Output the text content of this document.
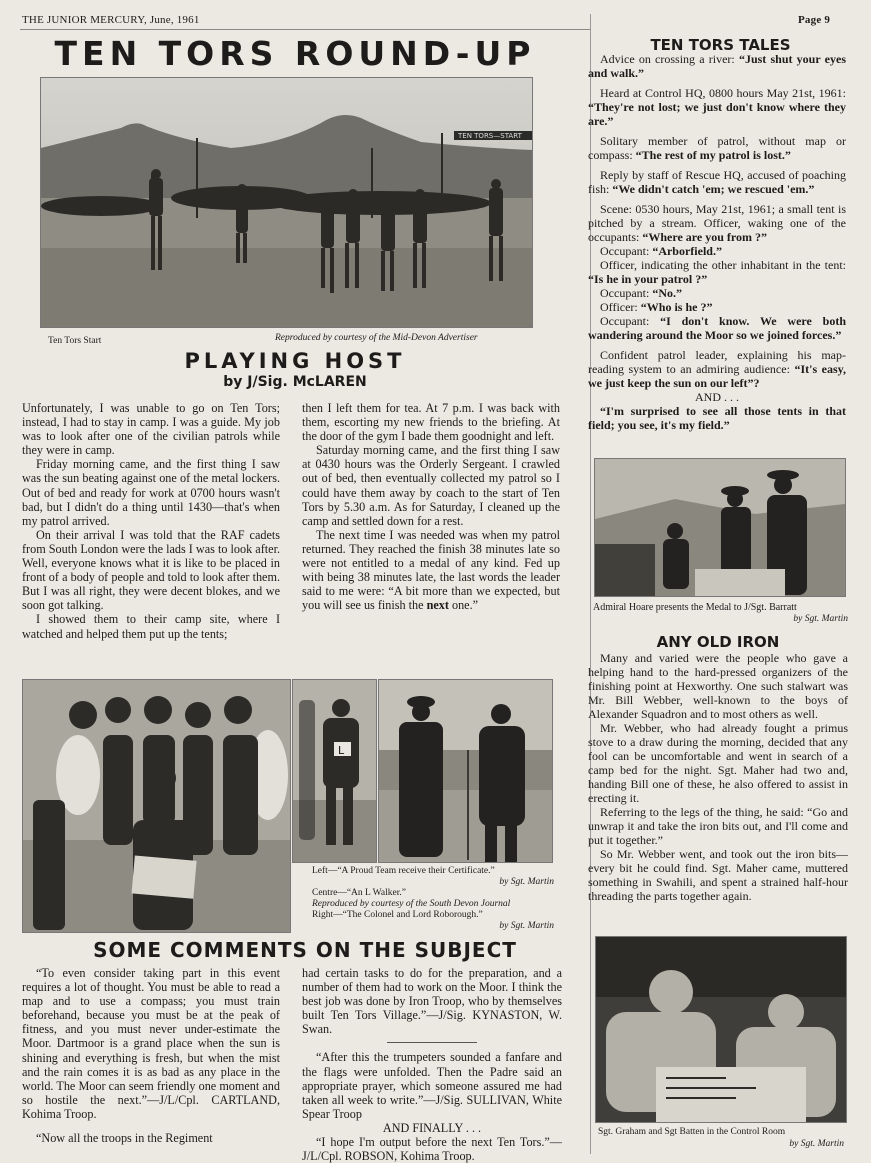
THE JUNIOR MERCURY, June, 1961	Page 9
TEN TORS ROUND-UP
TEN TORS—START
Ten Tors Start	Reproduced by courtesy of the Mid-Devon Advertiser
PLAYING HOST
by J/Sig. McLAREN

Unfortunately, I was unable to go on Ten Tors; instead, I had to stay in camp. I was a guide. My job was to look after one of the civilian patrols while they were in camp.

Friday morning came, and the first thing I saw was the sun beating against one of the metal lockers. Out of bed and ready for work at 0700 hours wasn't bad, but I didn't do a thing until 1430—that's when my patrol arrived.

On their arrival I was told that the RAF cadets from South London were the lads I was to look after. Well, everyone knows what it is like to be placed in front of a body of people and told to look after them. But I was all right, they were decent blokes, and we soon got talking.

I showed them to their camp site, where I watched and helped them put up the tents;

then I left them for tea. At 7 p.m. I was back with them, escorting my new friends to the briefing. At the door of the gym I bade them goodnight and left.

Saturday morning came, and the first thing I saw at 0430 hours was the Orderly Sergeant. I crawled out of bed, then eventually collected my patrol so I could have them away by coach to the start of Ten Tors by 5.30 a.m. As for Saturday, I cleaned up the camp and settled down for a rest.

The next time I was needed was when my patrol returned. They reached the finish 38 minutes late so were not entitled to a medal of any kind. Fed up with being 38 minutes late, the last words the leader said to me were: “A bit more than we expected, but you will see us finish the next one.”

L
Left—“A Proud Team receive their Certificate.”
by Sgt. Martin
Centre—“An L Walker.”
Reproduced by courtesy of the South Devon Journal
Right—“The Colonel and Lord Roborough.”
by Sgt. Martin
SOME COMMENTS ON THE SUBJECT

“To even consider taking part in this event requires a lot of thought. You must be able to read a map and to use a compass; you must train beforehand, because you must be at the peak of fitness, and you must never under-estimate the Moor. Dartmoor is a grand place when the sun is shining and everything is fresh, but when the mist and the rain comes it is as bad as any place in the world. The Moor can seem friendly one moment and so hostile the next.”—J/L/Cpl. CARTLAND, Kohima Troop.

“Now all the troops in the Regiment

had certain tasks to do for the preparation, and a number of them had to work on the Moor. I think the best job was done by Iron Troop, who by themselves built Ten Tors Village.”—J/Sig. KYNASTON, W. Swan.

“After this the trumpeters sounded a fanfare and the flags were unfolded. Then the Padre said an appropriate prayer, which someone assured me had taken all week to write.”—J/Sig. SULLIVAN, White Spear Troop

AND FINALLY . . .

“I hope I'm output before the next Ten Tors.”—J/L/Cpl. ROBSON, Kohima Troop.

TEN TORS TALES

Advice on crossing a river: “Just shut your eyes and walk.”

Heard at Control HQ, 0800 hours May 21st, 1961: “They're not lost; we just don't know where they are.”

Solitary member of patrol, without map or compass: “The rest of my patrol is lost.”

Reply by staff of Rescue HQ, accused of poaching fish: “We didn't catch 'em; we rescued 'em.”

Scene: 0530 hours, May 21st, 1961; a small tent is pitched by a stream. Officer, waking one of the occupants: “Where are you from ?”

Occupant: “Arborfield.”

Officer, indicating the other inhabitant in the tent: “Is he in your patrol ?”

Occupant: “No.”

Officer: “Who is he ?”

Occupant: “I don't know. We were both wandering around the Moor so we joined forces.”

Confident patrol leader, explaining his map-reading system to an admiring audience: “It's easy, we just keep the sun on our left”?

AND . . .

“I'm surprised to see all those tents in that field; you see, it's my field.”

Admiral Hoare presents the Medal to J/Sgt. Barratt
by Sgt. Martin
ANY OLD IRON

Many and varied were the people who gave a helping hand to the hard-pressed organizers of the finishing point at Hexworthy. One such stalwart was Mr. Bill Webber, well-known to the boys of Alexander Squadron and to most others as well.

Mr. Webber, who had already fought a primus stove to a draw during the morning, decided that any fool can be uncomfortable and went in search of a camp bed for the night. Sgt. Maher had two and, handing Bill one of these, he also offered to assist in erecting it.

Referring to the legs of the thing, he said: “Go and unwrap it and take the iron bits out, and I'll come and put it together.”

So Mr. Webber went, and took out the iron bits—every bit he could find. Sgt. Maher came, muttered something in Swahili, and spent a strained half-hour threading the parts together again.

Sgt. Graham and Sgt Batten in the Control Room
by Sgt. Martin
